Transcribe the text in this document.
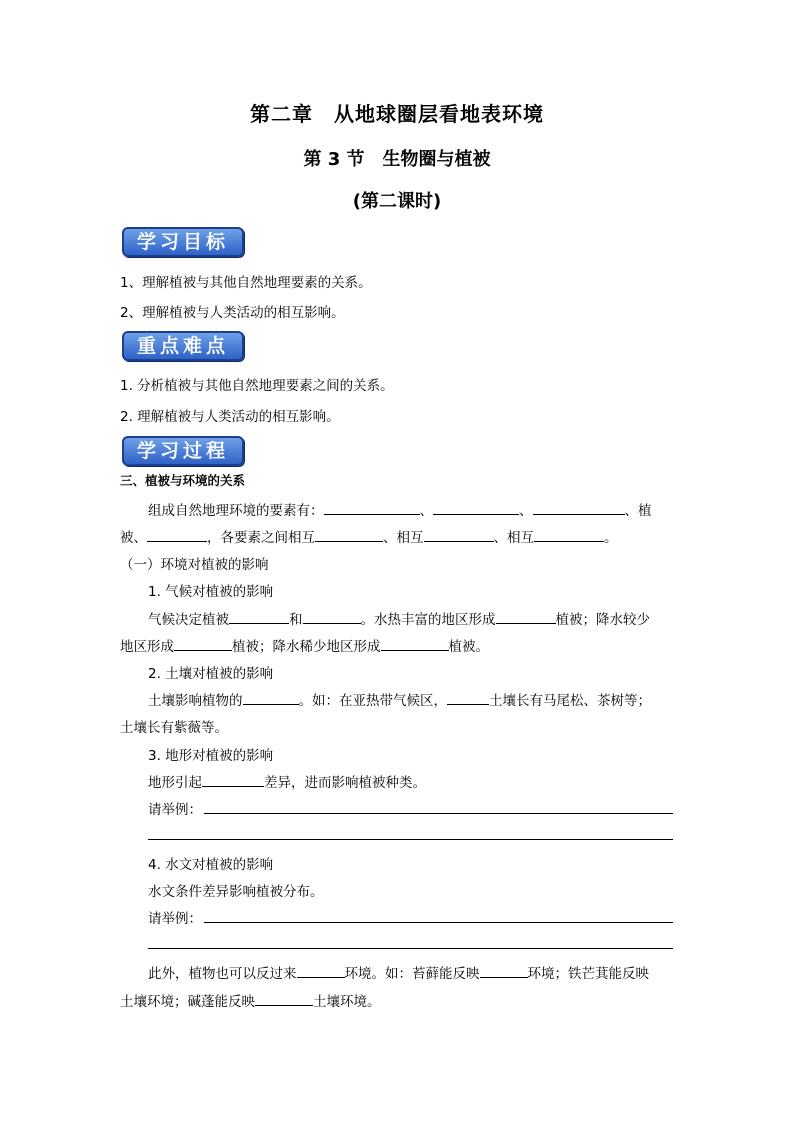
第二章　从地球圈层看地表环境
第 3 节　生物圈与植被
(第二课时)
学习目标
1、理解植被与其他自然地理要素的关系。
2、理解植被与人类活动的相互影响。
重点难点
1. 分析植被与其他自然地理要素之间的关系。
2. 理解植被与人类活动的相互影响。
学习过程
三、植被与环境的关系
组成自然地理环境的要素有：	、	、	、植
被、	，各要素之间相互	、相互	、相互	。
（一）环境对植被的影响
1. 气候对植被的影响
气候决定植被	和	。水热丰富的地区形成	植被；降水较少
地区形成	植被；降水稀少地区形成	植被。
2. 土壤对植被的影响
土壤影响植物的	。如：在亚热带气候区，	土壤长有马尾松、茶树等；
土壤长有紫薇等。
3. 地形对植被的影响
地形引起	差异，进而影响植被种类。
请举例：
4. 水文对植被的影响
水文条件差异影响植被分布。
请举例：
此外，植物也可以反过来	环境。如：苔藓能反映	环境；铁芒萁能反映
土壤环境；碱蓬能反映	土壤环境。
